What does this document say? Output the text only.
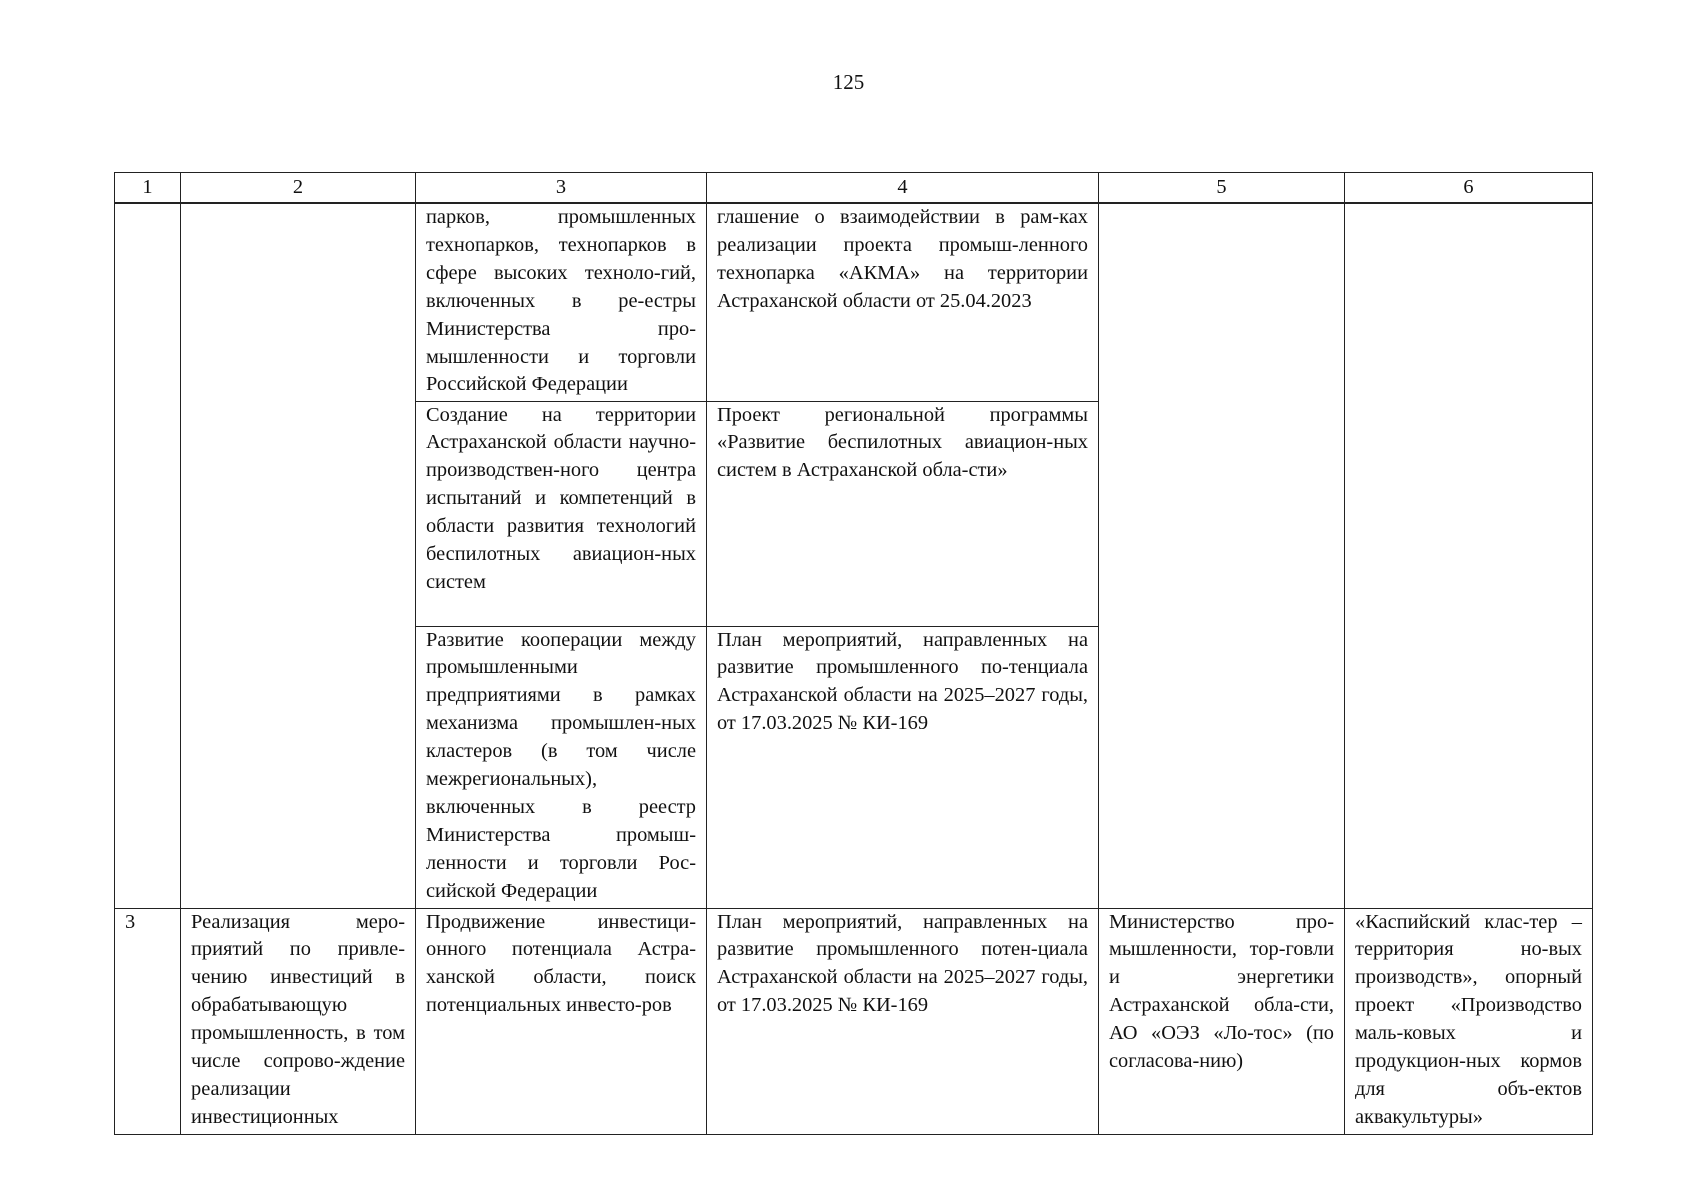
125
1	2	3	4	5	6

		парков, промышленных технопарков, технопарков в сфере высоких техноло-гий, включенных в ре-естры Министерства про-мышленности и торговли Российской Федерации	глашение о взаимодействии в рам-ках реализации проекта промыш-ленного технопарка «АКМА» на территории Астраханской области от 25.04.2023		

		Создание на территории Астраханской области научно-производствен-ного центра испытаний и компетенций в области развития технологий беспилотных авиацион-ных систем	Проект региональной программы «Развитие беспилотных авиацион-ных систем в Астраханской обла-сти»		

		Развитие кооперации между промышленными предприятиями в рамках механизма промышлен-ных кластеров (в том числе межрегиональных), включенных в реестр Министерства промыш-ленности и торговли Рос-сийской Федерации	План мероприятий, направленных на развитие промышленного по-тенциала Астраханской области на 2025–2027 годы, от 17.03.2025 № КИ-169		

3	Реализация меро-приятий по привле-чению инвестиций в обрабатывающую промышленность, в том числе сопрово-ждение реализации инвестиционных	Продвижение инвестици-онного потенциала Астра-ханской области, поиск потенциальных инвесто-ров	План мероприятий, направленных на развитие промышленного потен-циала Астраханской области на 2025–2027 годы, от 17.03.2025 № КИ-169	Министерство про-мышленности, тор-говли и энергетики Астраханской обла-сти, АО «ОЭЗ «Ло-тос» (по согласова-нию)	«Каспийский клас-тер – территория но-вых производств», опорный проект «Производство маль-ковых и продукцион-ных кормов для объ-ектов аквакультуры»
